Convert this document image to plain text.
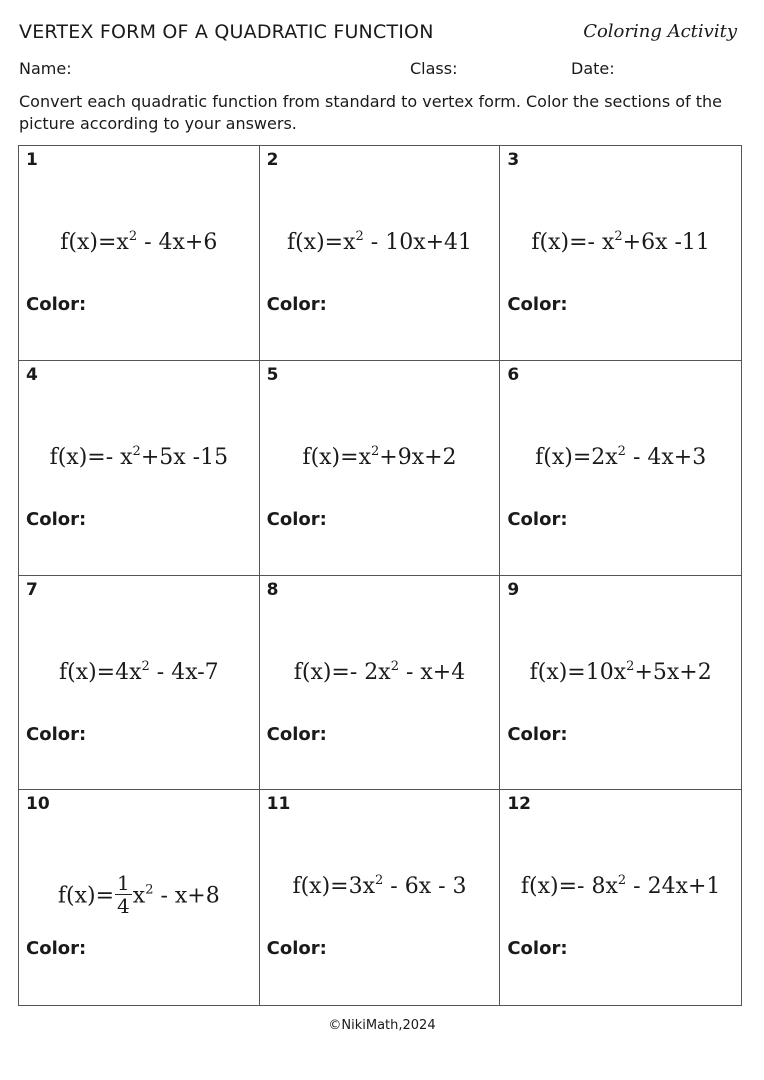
VERTEX FORM OF A QUADRATIC FUNCTION	Coloring Activity
Name:	Class:	Date:
Convert each quadratic function from standard to vertex form. Color the sections of the picture according to your answers.
1
$f(x)=x^2 - 4x+6$
Color:
2
$f(x)=x^2 - 10x+41$
Color:
3
f(x)=- $x^2+6x$ -11
Color:
4
f(x)=- $x^2+5x$ -15
Color:
5
$f(x)=x^2+9x+2$
Color:
6
$f(x)=2x^2 - 4x+3$
Color:
7
$f(x)=4x^2 - 4x-7$
Color:
8
f(x)=- $2x^2 - x+4$
Color:
9
$f(x)=10x^2+5x+2$
Color:
10
$f(x)= \frac{1}{4} x^2 - x+8$
Color:
11
$f(x)=3x^2 - 6x - 3$
Color:
12
f(x)=- $8x^2 - 24x+1$
Color:
©NikiMath,2024
